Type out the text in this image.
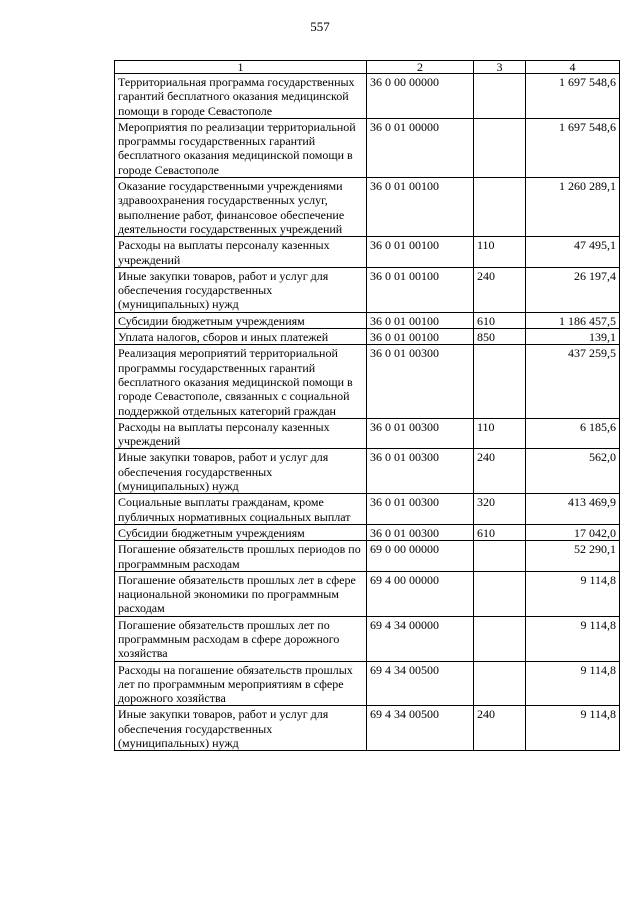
557
1	2	3	4
Территориальная программа государственных гарантий бесплатного оказания медицинской помощи в городе Севастополе	36 0 00 00000		1 697 548,6
Мероприятия по реализации территориальной программы государственных гарантий бесплатного оказания медицинской помощи в городе Севастополе	36 0 01 00000		1 697 548,6
Оказание государственными учреждениями здравоохранения государственных услуг, выполнение работ, финансовое обеспечение деятельности государственных учреждений	36 0 01 00100		1 260 289,1
Расходы на выплаты персоналу казенных учреждений	36 0 01 00100	110	47 495,1
Иные закупки товаров, работ и услуг для обеспечения государственных (муниципальных) нужд	36 0 01 00100	240	26 197,4
Субсидии бюджетным учреждениям	36 0 01 00100	610	1 186 457,5
Уплата налогов, сборов и иных платежей	36 0 01 00100	850	139,1
Реализация мероприятий территориальной программы государственных гарантий бесплатного оказания медицинской помощи в городе Севастополе, связанных с социальной поддержкой отдельных категорий граждан	36 0 01 00300		437 259,5
Расходы на выплаты персоналу казенных учреждений	36 0 01 00300	110	6 185,6
Иные закупки товаров, работ и услуг для обеспечения государственных (муниципальных) нужд	36 0 01 00300	240	562,0
Социальные выплаты гражданам, кроме публичных нормативных социальных выплат	36 0 01 00300	320	413 469,9
Субсидии бюджетным учреждениям	36 0 01 00300	610	17 042,0
Погашение обязательств прошлых периодов по программным расходам	69 0 00 00000		52 290,1
Погашение обязательств прошлых лет в сфере национальной экономики по программным расходам	69 4 00 00000		9 114,8
Погашение обязательств прошлых лет по программным расходам в сфере дорожного хозяйства	69 4 34 00000		9 114,8
Расходы на погашение обязательств прошлых лет по программным мероприятиям в сфере дорожного хозяйства	69 4 34 00500		9 114,8
Иные закупки товаров, работ и услуг для обеспечения государственных (муниципальных) нужд	69 4 34 00500	240	9 114,8
